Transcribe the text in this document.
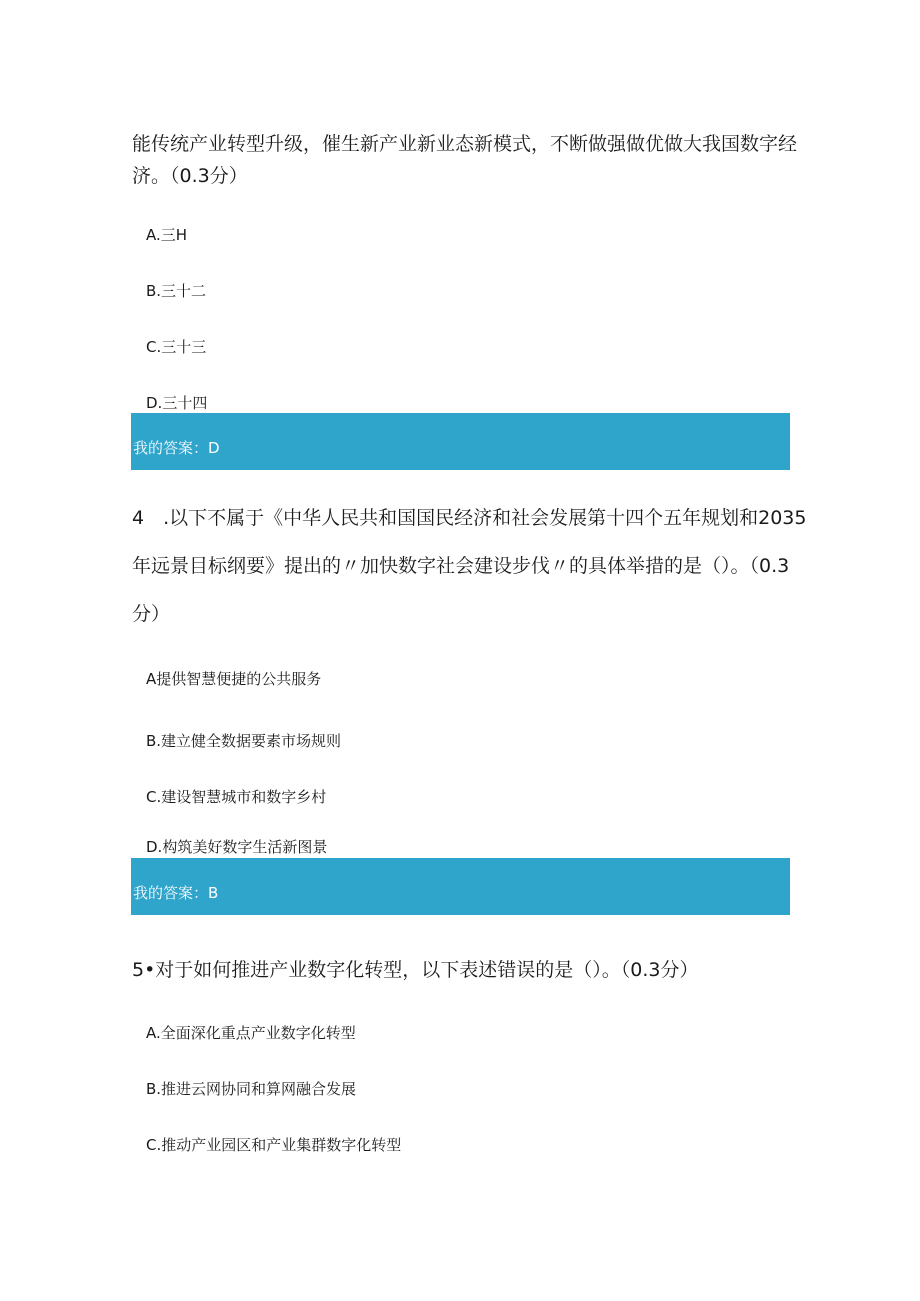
能传统产业转型升级，催生新产业新业态新模式，不断做强做优做大我国数字经
济。（0.3分）
A.三H
B.三十二
C.三十三
D.三十四
我的答案：D
4　.以下不属于《中华人民共和国国民经济和社会发展第十四个五年规划和2035
年远景目标纲要》提出的〃加快数字社会建设步伐〃的具体举措的是（）。（0.3
分）
A提供智慧便捷的公共服务
B.建立健全数据要素市场规则
C.建设智慧城市和数字乡村
D.构筑美好数字生活新图景
我的答案：B
5•对于如何推进产业数字化转型，以下表述错误的是（）。（0.3分）
A.全面深化重点产业数字化转型
B.推进云网协同和算网融合发展
C.推动产业园区和产业集群数字化转型
